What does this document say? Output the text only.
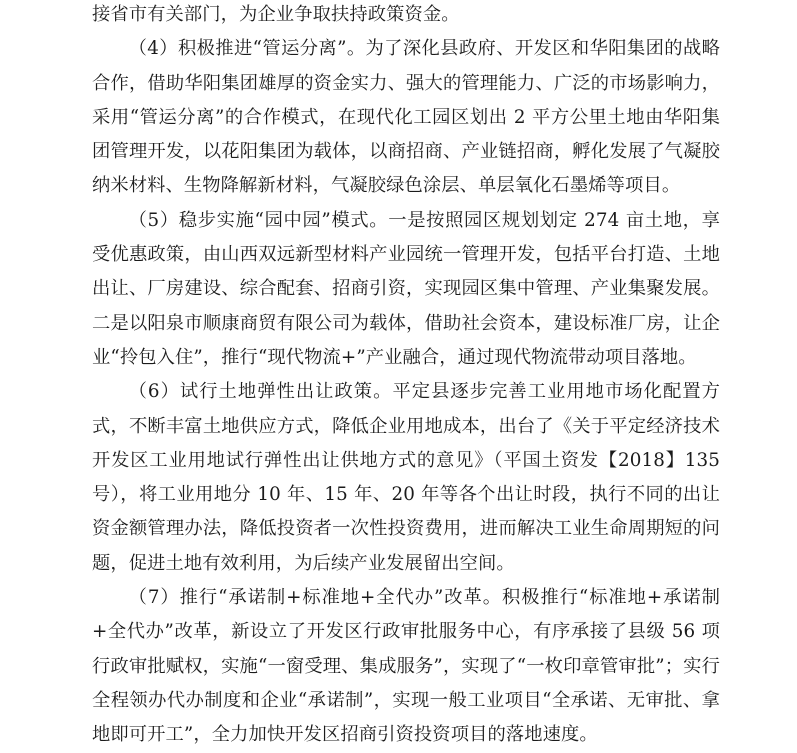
接省市有关部门，为企业争取扶持政策资金。

（4）积极推进“管运分离”。为了深化县政府、开发区和华阳集团的战略合作，借助华阳集团雄厚的资金实力、强大的管理能力、广泛的市场影响力，采用“管运分离”的合作模式，在现代化工园区划出 2 平方公里土地由华阳集团管理开发，以花阳集团为载体，以商招商、产业链招商，孵化发展了气凝胶纳米材料、生物降解新材料，气凝胶绿色涂层、单层氧化石墨烯等项目。

（5）稳步实施“园中园”模式。一是按照园区规划划定 274 亩土地，享受优惠政策，由山西双远新型材料产业园统一管理开发，包括平台打造、土地出让、厂房建设、综合配套、招商引资，实现园区集中管理、产业集聚发展。二是以阳泉市顺康商贸有限公司为载体，借助社会资本，建设标准厂房，让企业“拎包入住”，推行“现代物流+”产业融合，通过现代物流带动项目落地。

（6）试行土地弹性出让政策。平定县逐步完善工业用地市场化配置方式，不断丰富土地供应方式，降低企业用地成本，出台了《关于平定经济技术开发区工业用地试行弹性出让供地方式的意见》（平国土资发【2018】135 号），将工业用地分 10 年、15 年、20 年等各个出让时段，执行不同的出让资金额管理办法，降低投资者一次性投资费用，进而解决工业生命周期短的问题，促进土地有效利用，为后续产业发展留出空间。

（7）推行“承诺制+标准地+全代办”改革。积极推行“标准地+承诺制+全代办”改革，新设立了开发区行政审批服务中心，有序承接了县级 56 项行政审批赋权，实施“一窗受理、集成服务”，实现了“一枚印章管审批”；实行全程领办代办制度和企业“承诺制”，实现一般工业项目“全承诺、无审批、拿地即可开工”，全力加快开发区招商引资投资项目的落地速度。
